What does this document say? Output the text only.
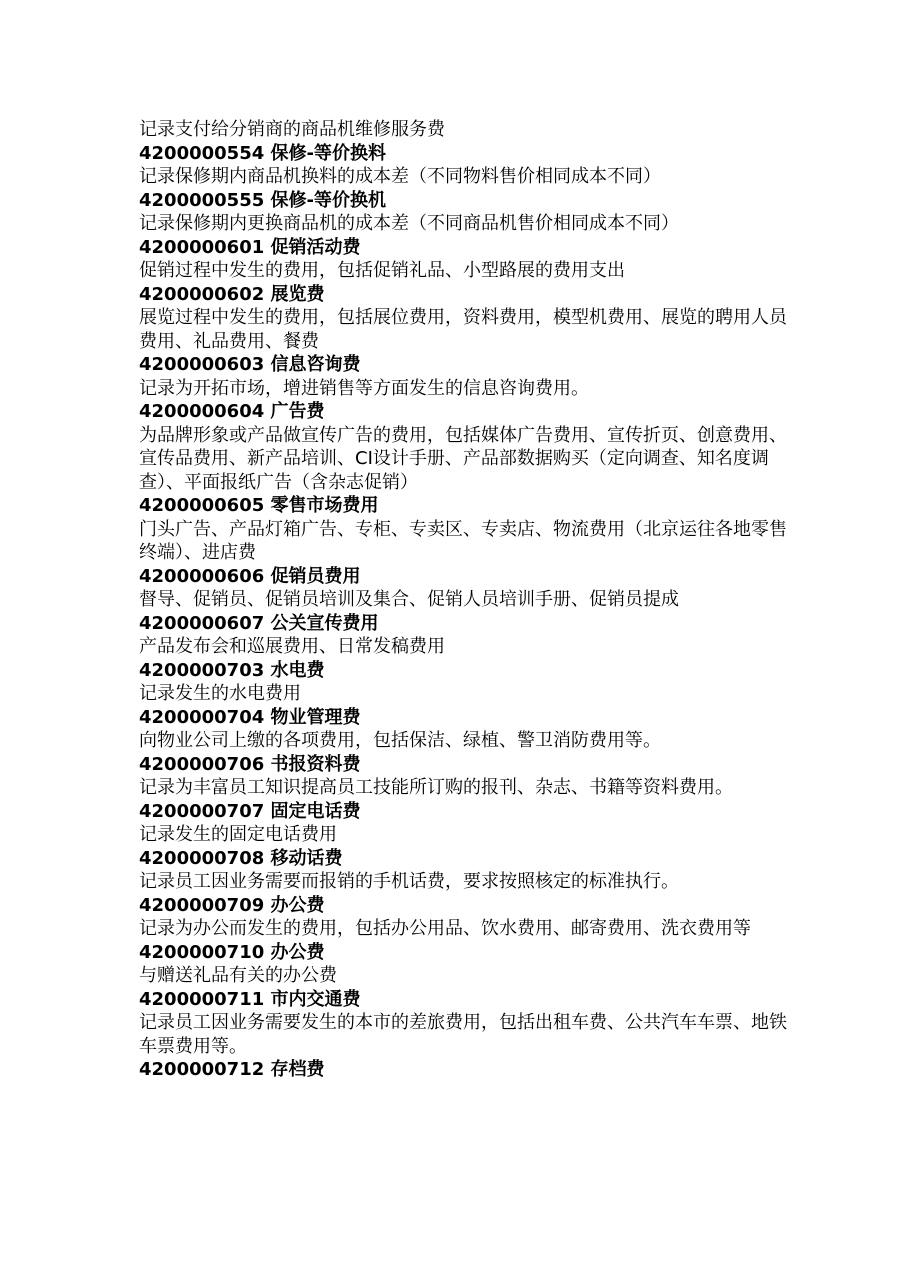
记录支付给分销商的商品机维修服务费
4200000554 保修-等价换料
记录保修期内商品机换料的成本差（不同物料售价相同成本不同）
4200000555 保修-等价换机
记录保修期内更换商品机的成本差（不同商品机售价相同成本不同）
4200000601 促销活动费
促销过程中发生的费用，包括促销礼品、小型路展的费用支出
4200000602 展览费
展览过程中发生的费用，包括展位费用，资料费用，模型机费用、展览的聘用人员费用、礼品费用、餐费
4200000603 信息咨询费
记录为开拓市场，增进销售等方面发生的信息咨询费用。
4200000604 广告费
为品牌形象或产品做宣传广告的费用，包括媒体广告费用、宣传折页、创意费用、宣传品费用、新产品培训、CI设计手册、产品部数据购买（定向调查、知名度调查）、平面报纸广告（含杂志促销）
4200000605 零售市场费用
门头广告、产品灯箱广告、专柜、专卖区、专卖店、物流费用（北京运往各地零售终端）、进店费
4200000606 促销员费用
督导、促销员、促销员培训及集合、促销人员培训手册、促销员提成
4200000607 公关宣传费用
产品发布会和巡展费用、日常发稿费用
4200000703 水电费
记录发生的水电费用
4200000704 物业管理费
向物业公司上缴的各项费用，包括保洁、绿植、警卫消防费用等。
4200000706 书报资料费
记录为丰富员工知识提高员工技能所订购的报刊、杂志、书籍等资料费用。
4200000707 固定电话费
记录发生的固定电话费用
4200000708 移动话费
记录员工因业务需要而报销的手机话费，要求按照核定的标准执行。
4200000709 办公费
记录为办公而发生的费用，包括办公用品、饮水费用、邮寄费用、洗衣费用等
4200000710 办公费
与赠送礼品有关的办公费
4200000711 市内交通费
记录员工因业务需要发生的本市的差旅费用，包括出租车费、公共汽车车票、地铁车票费用等。
4200000712 存档费
